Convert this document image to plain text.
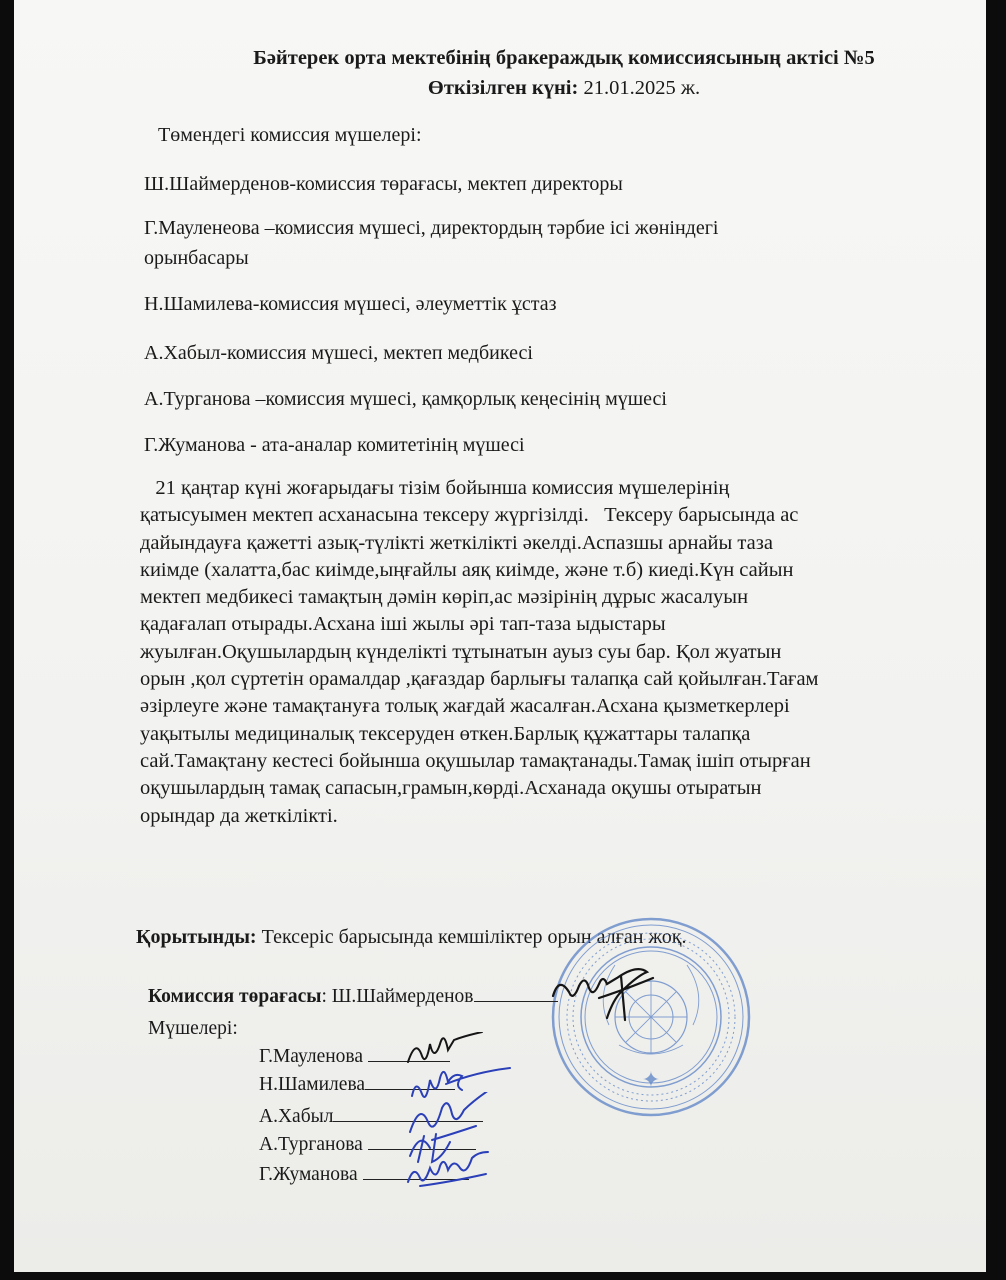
Бәйтерек орта мектебінің бракераждық комиссиясының актісі №5
Өткізілген күні: 21.01.2025 ж.
Төмендегі комиссия мүшелері:
Ш.Шаймерденов-комиссия төрағасы, мектеп директоры
Г.Мауленеова –комиссия мүшесі, директордың тәрбие ісі жөніндегі
орынбасары
Н.Шамилева-комиссия мүшесі, әлеуметтік ұстаз
А.Хабыл-комиссия мүшесі, мектеп медбикесі
А.Турганова –комиссия мүшесі, қамқорлық кеңесінің мүшесі
Г.Жуманова - ата-аналар комитетінің мүшесі
21 қаңтар күні жоғарыдағы тізім бойынша комиссия мүшелерінің
қатысуымен мектеп асханасына тексеру жүргізілді.   Тексеру барысында ас
дайындауға қажетті азық-түлікті жеткілікті әкелді.Аспазшы арнайы таза
киімде (халатта,бас киімде,ыңғайлы аяқ киімде, және т.б) киеді.Күн сайын
мектеп медбикесі тамақтың дәмін көріп,ас мәзірінің дұрыс жасалуын
қадағалап отырады.Асхана іші жылы әрі тап-таза ыдыстары
жуылған.Оқушылардың күнделікті тұтынатын ауыз суы бар. Қол жуатын
орын ,қол сүртетін орамалдар ,қағаздар барлығы талапқа сай қойылған.Тағам
әзірлеуге және тамақтануға толық жағдай жасалған.Асхана қызметкерлері
уақытылы медициналық тексеруден өткен.Барлық құжаттары талапқа
сай.Тамақтану кестесі бойынша оқушылар тамақтанады.Тамақ ішіп отырған
оқушылардың тамақ сапасын,грамын,көрді.Асханада оқушы отыратын
орындар да жеткілікті.
Қорытынды: Тексеріс барысында кемшіліктер орын алған жоқ.
✦
Комиссия төрағасы: Ш.Шаймерденов
Мүшелері:
Г.Мауленова
Н.Шамилева
А.Хабыл
А.Турганова
Г.Жуманова
